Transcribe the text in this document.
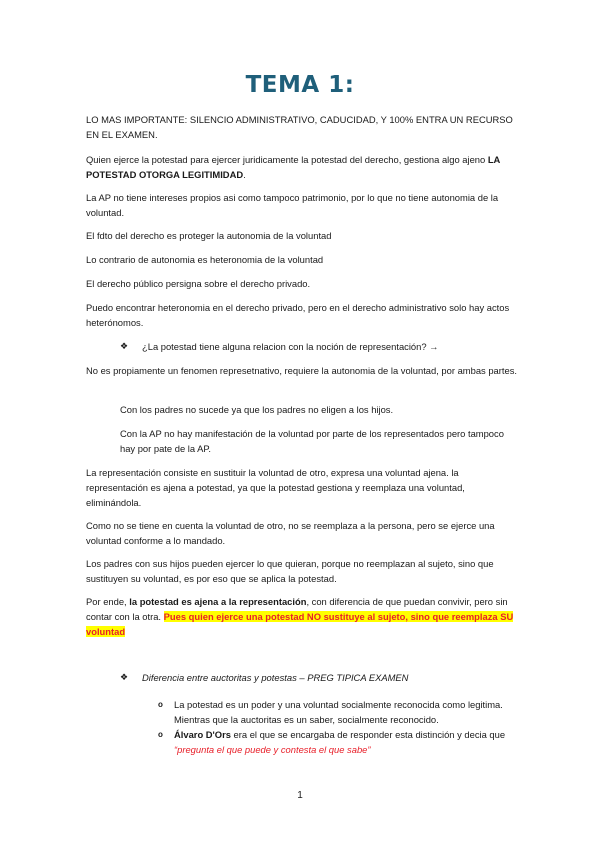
TEMA 1:

LO MAS IMPORTANTE: SILENCIO ADMINISTRATIVO, CADUCIDAD, Y 100% ENTRA UN RECURSO EN EL EXAMEN.

Quien ejerce la potestad para ejercer juridicamente la potestad del derecho, gestiona algo ajeno LA POTESTAD OTORGA LEGITIMIDAD.

La AP no tiene intereses propios asi como tampoco patrimonio, por lo que no tiene autonomia de la voluntad.

El fdto del derecho es proteger la autonomia de la voluntad

Lo contrario de autonomia es heteronomia de la voluntad

El derecho público persigna sobre el derecho privado.

Puedo encontrar heteronomia en el derecho privado, pero en el derecho administrativo solo hay actos heterónomos.

❖	¿La potestad tiene alguna relacion con la noción de representación? →

No es propiamente un fenomen represetnativo, requiere la autonomia de la voluntad, por ambas partes.

Con los padres no sucede ya que los padres no eligen a los hijos.

Con la AP no hay manifestación de la voluntad por parte de los representados pero tampoco hay por pate de la AP.

La representación consiste en sustituir la voluntad de otro, expresa una voluntad ajena. la representación es ajena a potestad, ya que la potestad gestiona y reemplaza una voluntad, eliminándola.

Como no se tiene en cuenta la voluntad de otro, no se reemplaza a la persona, pero se ejerce una voluntad conforme a lo mandado.

Los padres con sus hijos pueden ejercer lo que quieran, porque no reemplazan al sujeto, sino que sustituyen su voluntad, es por eso que se aplica la potestad.

Por ende, la potestad es ajena a la representación, con diferencia de que puedan convivir, pero sin contar con la otra. Pues quien ejerce una potestad NO sustituye al sujeto, sino que reemplaza SU voluntad

❖	Diferencia entre auctoritas y potestas – PREG TIPICA EXAMEN
o La potestad es un poder y una voluntad socialmente reconocida como legitima. Mientras que la auctoritas es un saber, socialmente reconocido.
o Álvaro D'Ors era el que se encargaba de responder esta distinción y decia que “pregunta el que puede y contesta el que sabe”

1
